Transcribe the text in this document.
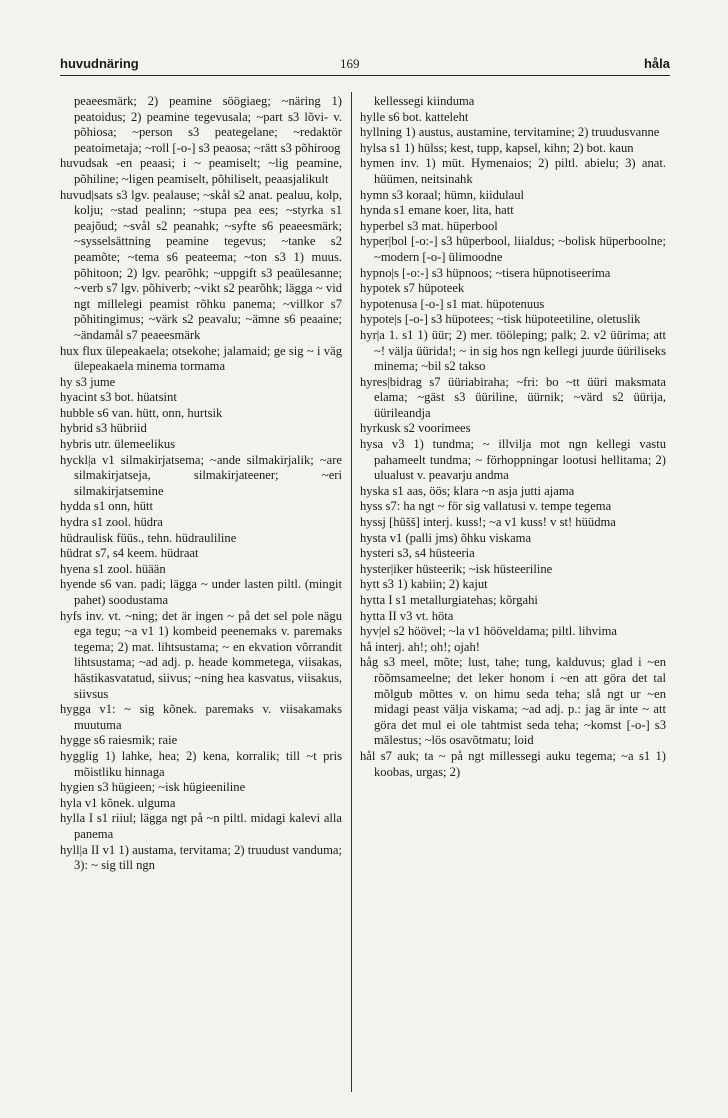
huvudnäring	169	håla

peaeesmärk; 2) peamine söögiaeg; ~näring 1) peatoidus; 2) peamine tegevusala; ~part s3 lõvi- v. põhiosa; ~person s3 peategelane; ~redaktör peatoimetaja; ~roll [-o-] s3 peaosa; ~rätt s3 põhiroog

huvudsak -en peaasi; i ~ peamiselt; ~lig peamine, põhiline; ~ligen peamiselt, põhiliselt, peaasjalikult

huvud|sats s3 lgv. pealause; ~skål s2 anat. pealuu, kolp, kolju; ~stad pealinn; ~stupa pea ees; ~styrka s1 peajõud; ~svål s2 peanahk; ~syfte s6 peaeesmärk; ~sysselsättning peamine tegevus; ~tanke s2 peamõte; ~tema s6 peateema; ~ton s3 1) muus. põhitoon; 2) lgv. pearõhk; ~uppgift s3 peaülesanne; ~verb s7 lgv. põhiverb; ~vikt s2 pearõhk; lägga ~ vid ngt millelegi peamist rõhku panema; ~villkor s7 põhitingimus; ~värk s2 peavalu; ~ämne s6 peaaine; ~ändamål s7 peaeesmärk

hux flux ülepeakaela; otsekohe; jalamaid; ge sig ~ i väg ülepeakaela minema tormama

hy s3 jume

hyacint s3 bot. hüatsint

hubble s6 van. hütt, onn, hurtsik

hybrid s3 hübriid

hybris utr. ülemeelikus

hyckl|a v1 silmakirjatsema; ~ande silmakirjalik; ~are silmakirjatseja, silmakirjateener; ~eri silmakirjatsemine

hydda s1 onn, hütt

hydra s1 zool. hüdra

hüdraulisk füüs., tehn. hüdrauliline

hüdrat s7, s4 keem. hüdraat

hyena s1 zool. hüään

hyende s6 van. padi; lägga ~ under lasten piltl. (mingit pahet) soodustama

hyfs inv. vt. ~ning; det är ingen ~ på det sel pole nägu ega tegu; ~a v1 1) kombeid peenemaks v. paremaks tegema; 2) mat. lihtsustama; ~ en ekvation võrrandit lihtsustama; ~ad adj. p. heade kommetega, viisakas, hästikasvatatud, siivus; ~ning hea kasvatus, viisakus, siivsus

hygga v1: ~ sig kõnek. paremaks v. viisakamaks muutuma

hygge s6 raiesmik; raie

hygglig 1) lahke, hea; 2) kena, korralik; till ~t pris mõistliku hinnaga

hygien s3 hügieen; ~isk hügieeniline

hyla v1 kõnek. ulguma

hylla I s1 riiul; lägga ngt på ~n piltl. midagi kalevi alla panema

hyll|a II v1 1) austama, tervitama; 2) truudust vanduma; 3): ~ sig till ngn

kellessegi kiinduma

hylle s6 bot. katteleht

hyllning 1) austus, austamine, tervitamine; 2) truudusvanne

hylsa s1 1) hülss; kest, tupp, kapsel, kihn; 2) bot. kaun

hymen inv. 1) müt. Hymenaios; 2) piltl. abielu; 3) anat. hüümen, neitsinahk

hymn s3 koraal; hümn, kiidulaul

hynda s1 emane koer, lita, hatt

hyperbel s3 mat. hüperbool

hyper|bol [-o:-] s3 hüperbool, liialdus; ~bolisk hüperboolne; ~modern [-o-] ülimoodne

hypno|s [-o:-] s3 hüpnoos; ~tisera hüpnotiseerima

hypotek s7 hüpoteek

hypotenusa [-o-] s1 mat. hüpotenuus

hypote|s [-o-] s3 hüpotees; ~tisk hüpoteetiline, oletuslik

hyr|a 1. s1 1) üür; 2) mer. tööleping; palk; 2. v2 üürima; att ~! välja üürida!; ~ in sig hos ngn kellegi juurde üüriliseks minema; ~bil s2 takso

hyres|bidrag s7 üüriabiraha; ~fri: bo ~tt üüri maksmata elama; ~gäst s3 üüriline, üürnik; ~värd s2 üürija, üürileandja

hyrkusk s2 voorimees

hysa v3 1) tundma; ~ illvilja mot ngn kellegi vastu pahameelt tundma; ~ förhoppningar lootusi hellitama; 2) ulualust v. peavarju andma

hyska s1 aas, öös; klara ~n asja jutti ajama

hyss s7: ha ngt ~ för sig vallatusi v. tempe tegema

hyssj [hüšš] interj. kuss!; ~a v1 kuss! v st! hüüdma

hysta v1 (palli jms) õhku viskama

hysteri s3, s4 hüsteeria

hyster|iker hüsteerik; ~isk hüsteeriline

hytt s3 1) kabiin; 2) kajut

hytta I s1 metallurgiatehas; kõrgahi

hytta II v3 vt. höta

hyv|el s2 höövel; ~la v1 hööveldama; piltl. lihvima

hå interj. ah!; oh!; ojah!

håg s3 meel, mõte; lust, tahe; tung, kalduvus; glad i ~en rõõmsameelne; det leker honom i ~en att göra det tal mõlgub mõttes v. on himu seda teha; slå ngt ur ~en midagi peast välja viskama; ~ad adj. p.: jag är inte ~ att göra det mul ei ole tahtmist seda teha; ~komst [-o-] s3 mälestus; ~lös osavõtmatu; loid

hål s7 auk; ta ~ på ngt millessegi auku tegema; ~a s1 1) koobas, urgas; 2)
